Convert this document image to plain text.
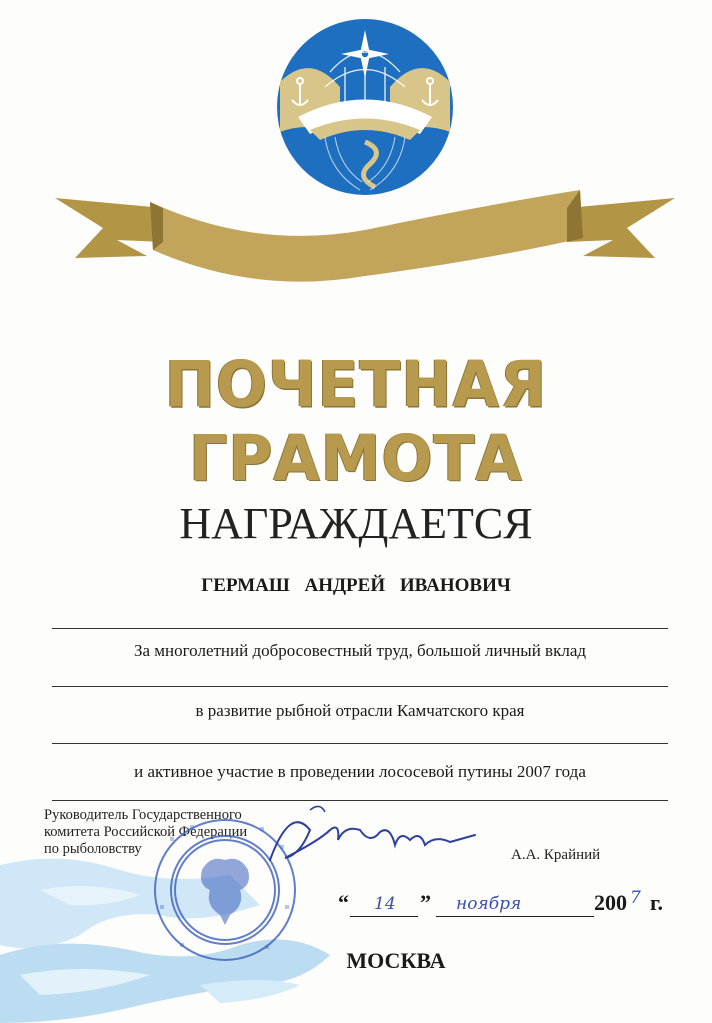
ПОЧЕТНАЯ ГРАМОТА
НАГРАЖДАЕТСЯ
ГЕРМАШ АНДРЕЙ ИВАНОВИЧ
За многолетний добросовестный труд, большой личный вклад
в развитие рыбной отрасли Камчатского края
и активное участие в проведении лососевой путины 2007 года
Руководитель Государственного
комитета Российской Федерации
по рыболовству	А.А. Крайний
“ 14 ” ноября	200 7 г.
МОСКВА
